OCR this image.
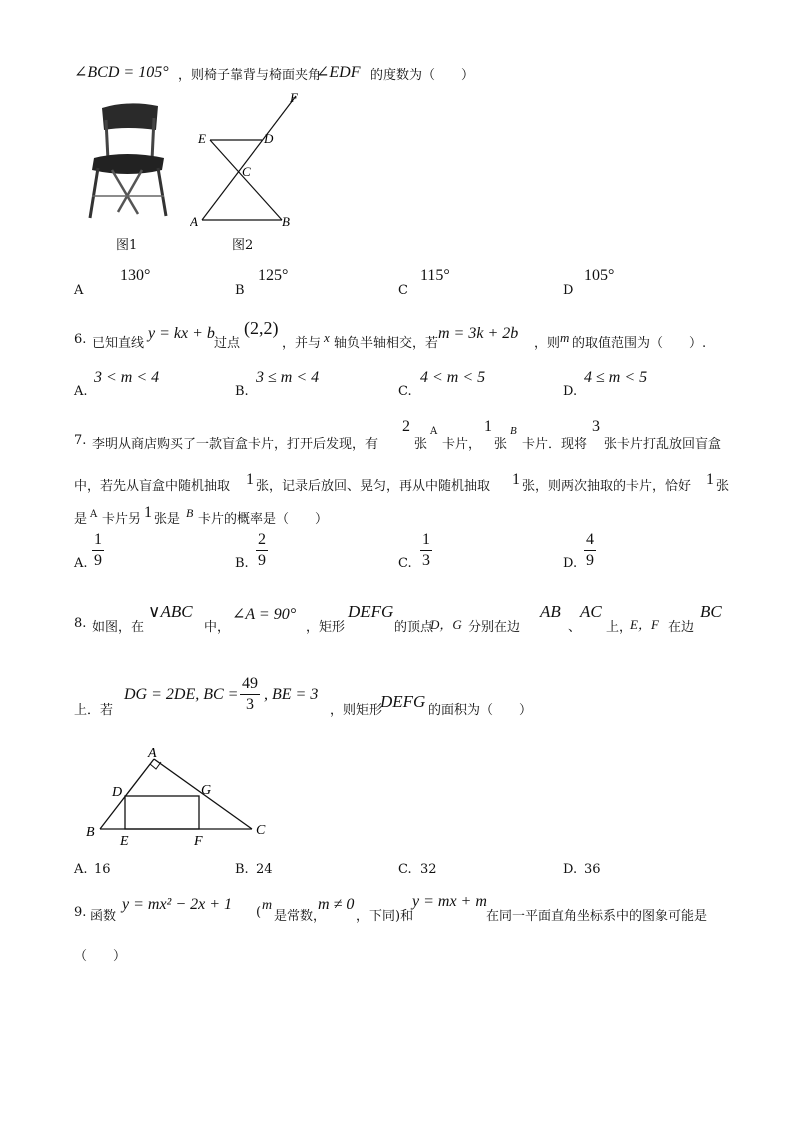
∠BCD = 105° ，则椅子靠背与椅面夹角
∠EDF 的度数为（　　）
图1
F
E	D
C
A	B
图2
A
130°
B
125°
C
115°
D
105°
6. 已知直线
y = kx + b
过点
(2,2)
，并与 x 轴负半轴相交，若
m = 3k + 2b
，则 m 的取值范围为（　　）.
A.
3 < m < 4
B.
3 ≤ m < 4
C.
4 < m < 5
D.
4 ≤ m < 5
7. 李明从商店购买了一款盲盒卡片，打开后发现，有
2
张
A
卡片，
1
张
B
卡片．现将
3
张卡片打乱放回盲盒
中，若先从盲盒中随机抽取 1 张，记录后放回、晃匀，再从中随机抽取 1 张，则两次抽取的卡片，恰好 1 张
是 A 卡片另 1 张是 B 卡片的概率是（　　）
A. $\frac{1}{9}$	B. $\frac{2}{9}$	C. $\frac{1}{3}$	D. $\frac{4}{9}$
8. 如图，在
∨ABC
中，
∠A = 90°
，矩形
DEFG
的顶点
D，G 分别在边
AB
、
AC
上，
E，F 在边
BC
上．若
DG = 2DE, BC = $\frac{49}{3}$ , BE = 3
，则矩形
DEFG 的面积为（　　）
A
D	G
B
E	F
C
A. 16	B. 24	C. 32	D. 36
9. 函数
y = mx² − 2x + 1 ( m
是常数，
m ≠ 0
，下同)和
y = mx + m
在同一平面直角坐标系中的图象可能是
（　　）
